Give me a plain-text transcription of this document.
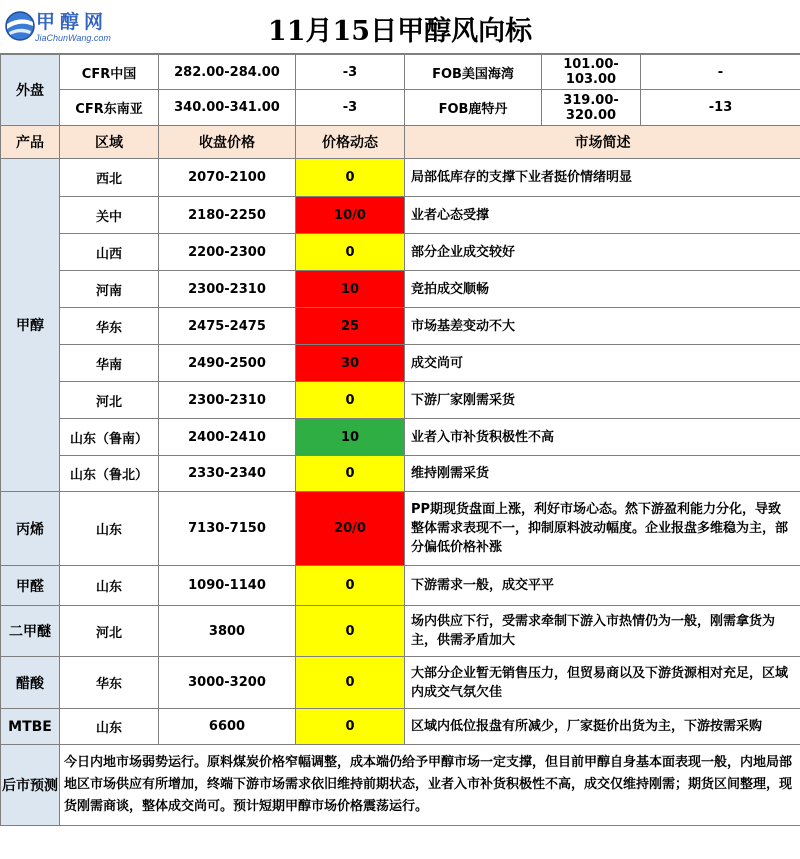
甲醇网
JiaChunWang.com	11月15日甲醇风向标
外盘	CFR中国	282.00-284.00	-3	FOB美国海湾	101.00-103.00	-
	CFR东南亚	340.00-341.00	-3	FOB鹿特丹	319.00-320.00	-13
产品	区域	收盘价格	价格动态	市场简述		
甲醇	西北	2070-2100	0	局部低库存的支撑下业者挺价情绪明显		
	关中	2180-2250	10/0	业者心态受撑		
	山西	2200-2300	0	部分企业成交较好		
	河南	2300-2310	10	竞拍成交顺畅		
	华东	2475-2475	25	市场基差变动不大		
	华南	2490-2500	30	成交尚可		
	河北	2300-2310	0	下游厂家刚需采货		
	山东（鲁南）	2400-2410	10	业者入市补货积极性不高		
	山东（鲁北）	2330-2340	0	维持刚需采货		
丙烯	山东	7130-7150	20/0	PP期现货盘面上涨，利好市场心态。然下游盈利能力分化，导致整体需求表现不一，抑制原料波动幅度。企业报盘多维稳为主，部分偏低价格补涨		
甲醛	山东	1090-1140	0	下游需求一般，成交平平		
二甲醚	河北	3800	0	场内供应下行，受需求牵制下游入市热情仍为一般，刚需拿货为主，供需矛盾加大		
醋酸	华东	3000-3200	0	大部分企业暂无销售压力，但贸易商以及下游货源相对充足，区域内成交气氛欠佳		
MTBE	山东	6600	0	区域内低位报盘有所减少，厂家挺价出货为主，下游按需采购		
后市预测	今日内地市场弱势运行。原料煤炭价格窄幅调整，成本端仍给予甲醇市场一定支撑，但目前甲醇自身基本面表现一般，内地局部地区市场供应有所增加，终端下游市场需求依旧维持前期状态，业者入市补货积极性不高，成交仅维持刚需；期货区间整理，现货刚需商谈，整体成交尚可。预计短期甲醇市场价格震荡运行。					
